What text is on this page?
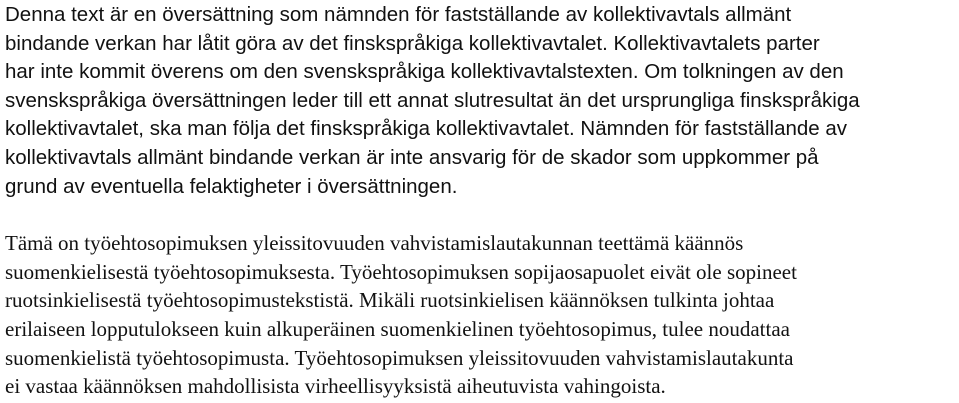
Denna text är en översättning som nämnden för fastställande av kollektivavtals allmänt
bindande verkan har låtit göra av det finskspråkiga kollektivavtalet. Kollektivavtalets parter
har inte kommit överens om den svenskspråkiga kollektivavtalstexten. Om tolkningen av den
svenskspråkiga översättningen leder till ett annat slutresultat än det ursprungliga finskspråkiga
kollektivavtalet, ska man följa det finskspråkiga kollektivavtalet. Nämnden för fastställande av
kollektivavtals allmänt bindande verkan är inte ansvarig för de skador som uppkommer på
grund av eventuella felaktigheter i översättningen.

Tämä on työehtosopimuksen yleissitovuuden vahvistamislautakunnan teettämä käännös
suomenkielisestä työehtosopimuksesta. Työehtosopimuksen sopijaosapuolet eivät ole sopineet
ruotsinkielisestä työehtosopimustekstistä. Mikäli ruotsinkielisen käännöksen tulkinta johtaa
erilaiseen lopputulokseen kuin alkuperäinen suomenkielinen työehtosopimus, tulee noudattaa
suomenkielistä työehtosopimusta. Työehtosopimuksen yleissitovuuden vahvistamislautakunta
ei vastaa käännöksen mahdollisista virheellisyyksistä aiheutuvista vahingoista.
